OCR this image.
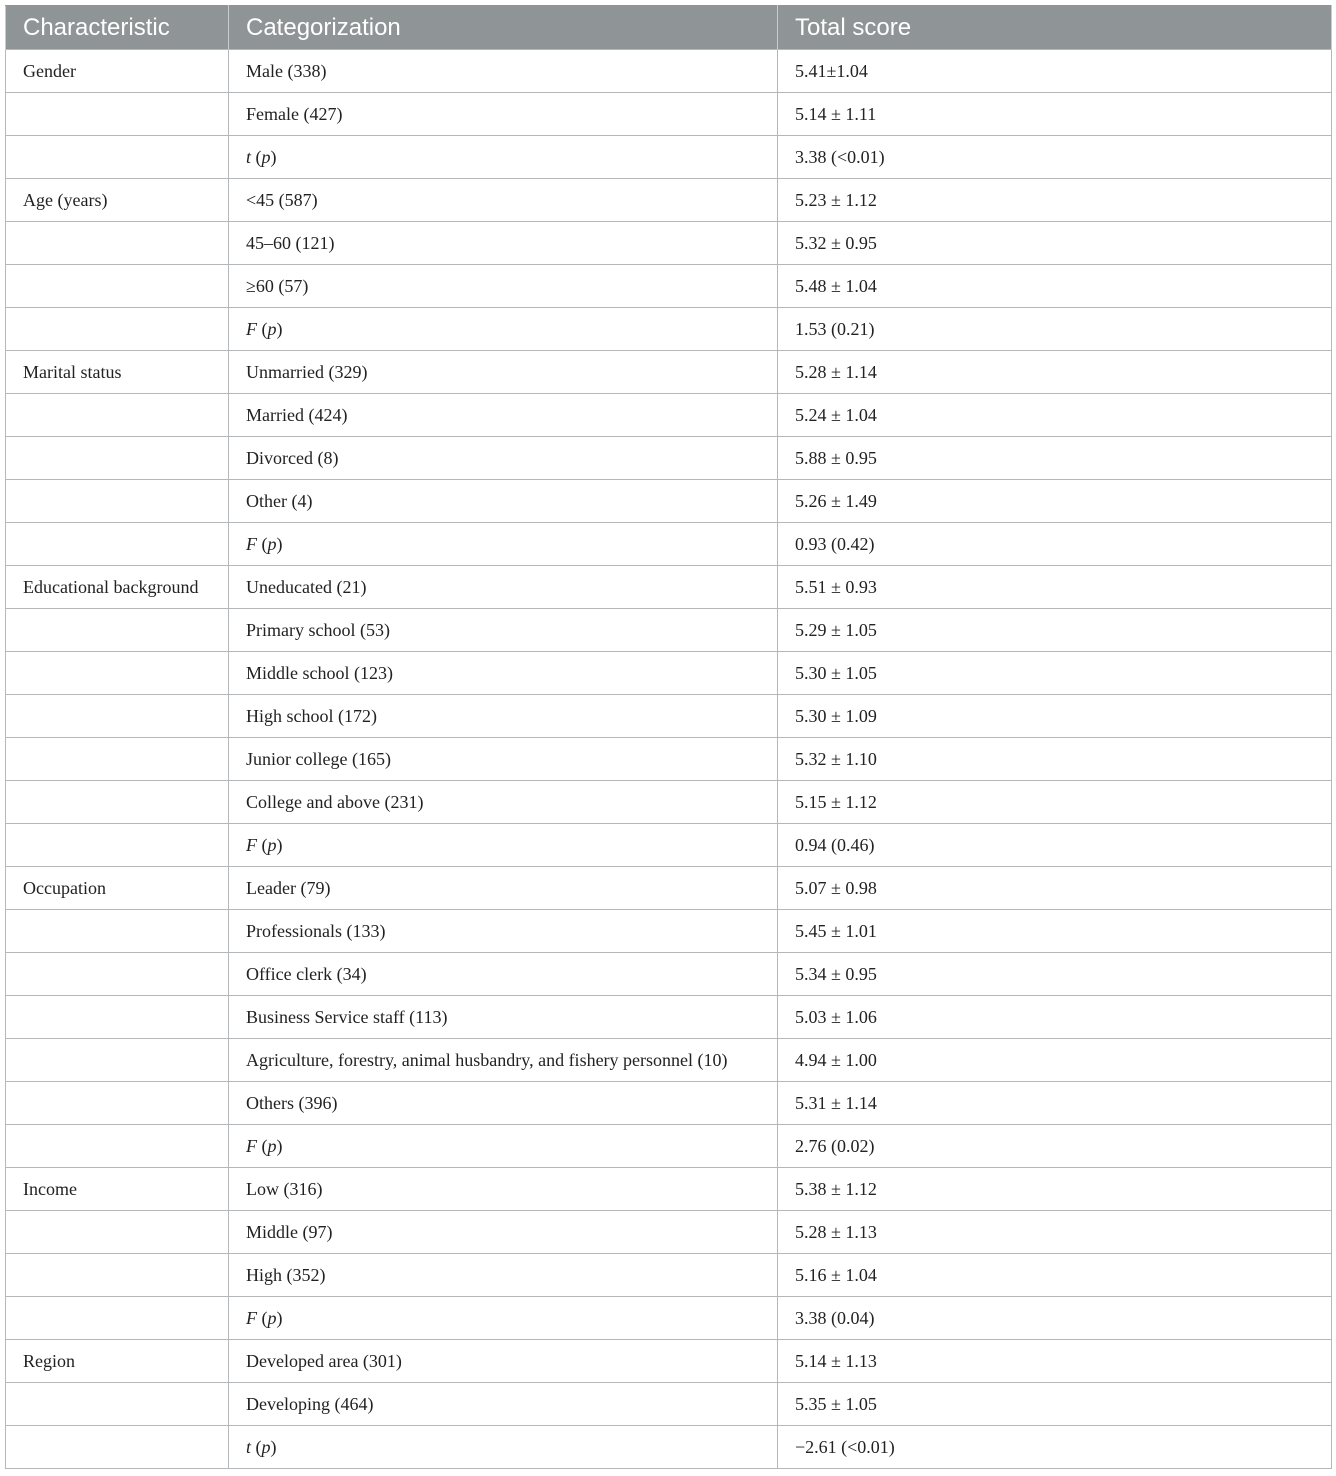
Characteristic	Categorization	Total score
Gender	Male (338)	5.41±1.04
	Female (427)	5.14 ± 1.11
	t (p)	3.38 (<0.01)
Age (years)	<45 (587)	5.23 ± 1.12
	45–60 (121)	5.32 ± 0.95
	≥60 (57)	5.48 ± 1.04
	F (p)	1.53 (0.21)
Marital status	Unmarried (329)	5.28 ± 1.14
	Married (424)	5.24 ± 1.04
	Divorced (8)	5.88 ± 0.95
	Other (4)	5.26 ± 1.49
	F (p)	0.93 (0.42)
Educational background	Uneducated (21)	5.51 ± 0.93
	Primary school (53)	5.29 ± 1.05
	Middle school (123)	5.30 ± 1.05
	High school (172)	5.30 ± 1.09
	Junior college (165)	5.32 ± 1.10
	College and above (231)	5.15 ± 1.12
	F (p)	0.94 (0.46)
Occupation	Leader (79)	5.07 ± 0.98
	Professionals (133)	5.45 ± 1.01
	Office clerk (34)	5.34 ± 0.95
	Business Service staff (113)	5.03 ± 1.06
	Agriculture, forestry, animal husbandry, and fishery personnel (10)	4.94 ± 1.00
	Others (396)	5.31 ± 1.14
	F (p)	2.76 (0.02)
Income	Low (316)	5.38 ± 1.12
	Middle (97)	5.28 ± 1.13
	High (352)	5.16 ± 1.04
	F (p)	3.38 (0.04)
Region	Developed area (301)	5.14 ± 1.13
	Developing (464)	5.35 ± 1.05
	t (p)	−2.61 (<0.01)
